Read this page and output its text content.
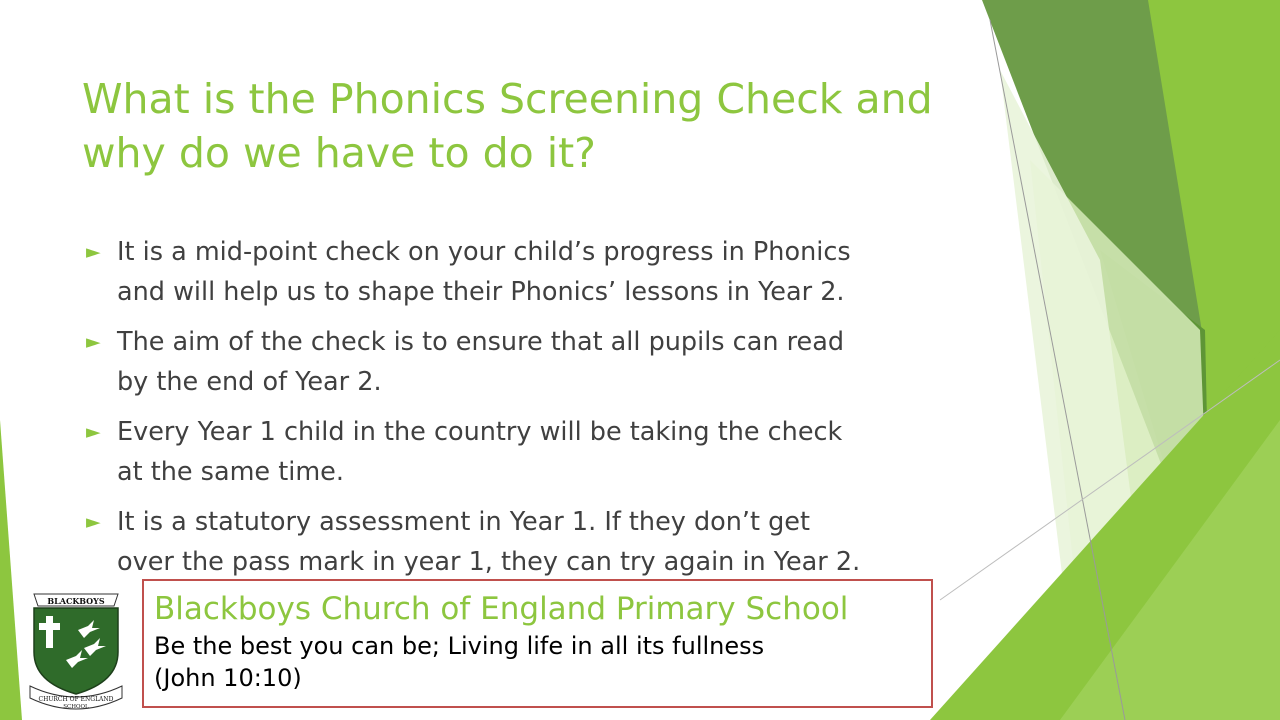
What is the Phonics Screening Check and
why do we have to do it?
► It is a mid-point check on your child’s progress in Phonics
and will help us to shape their Phonics’ lessons in Year 2.
► The aim of the check is to ensure that all pupils can read
by the end of Year 2.
► Every Year 1 child in the country will be taking the check
at the same time.
► It is a statutory assessment in Year 1. If they don’t get
over the pass mark in year 1, they can try again in Year 2.
BLACKBOYS
CHURCH OF ENGLAND
SCHOOL
Blackboys Church of England Primary School
Be the best you can be; Living life in all its fullness
(John 10:10)
